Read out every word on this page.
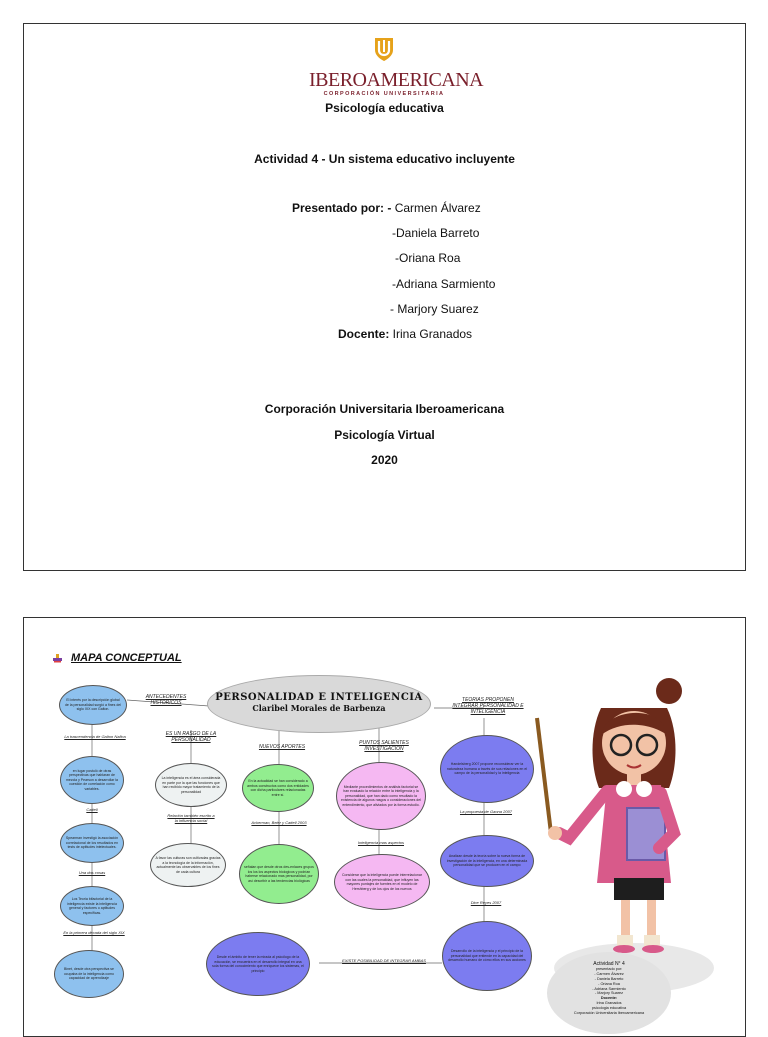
IBEROAMERICANA
CORPORACIÓN UNIVERSITARIA
Psicología educativa
Actividad 4 - Un sistema educativo incluyente
Presentado por: - Carmen Álvarez
-Daniela Barreto
-Oriana Roa
-Adriana Sarmiento
- Marjory Suarez
Docente: Irina Granados
Corporación Universitaria Iberoamericana
Psicología Virtual
2020
MAPA CONCEPTUAL
PERSONALIDAD E INTELIGENCIA
Claribel Morales de Barbenza
ANTECEDENTES HISTORICOS
ES UN RASGO DE LA PERSONALIDAD
NUEVOS APORTES
PUNTOS SALIENTES INVESTIGACION
TEORIAS PROPONEN INTEGRAR PERSONALIDAD E INTELIGENCIA
El interés por la descripción global de la personalidad surgió a fines del siglo XIX con Galton.
La trascendencia de Galton Nafica
en lugar postuló de otras perspectivas que hablaran de mezcla y Pearson a desarrollar la cuestión de correlación como variables.
Cattell
Spearman investigó la asociación correlacional de los resultados en tests de aptitudes intelectuales.
Una dos cosas
Los Teoria bifactorial de la inteligencia existe la inteligencia general y factores o aptitudes especificas.
En la primera década del siglo XIX
Binet, desde otra perspectiva se ocupaba de la inteligencia como capacidad de aprendizaje
La inteligencia es el área considerada en parte por la que las funciones que han recibido mayor tratamiento de la personalidad
Relación también escrito a la influencia social
A favor las culturas son cultivadas gracias a la tecnología de la información, actualmente las observables de los fines de cada cultura
En la actualidad se han considerado a ambos constructos como dos entidades con dicha particulares relacionadas entre sí.
Ackerman, Beier y Cattell 2003
señalan que desde otros des-enlaces grupos los los los aspectos biologicos y podrían haberse relacionado mas personalidad, por así describir a las tendencias biológicas
Mediante procedimientos de análisis factorial se han evaluado la relación entre la inteligencia y la personalidad, que han dado como resultado la existencia de algunos rasgos o consideraciones del entendimiento, que aliviados por la forma estudio.
Inteligencia mas aspectos
Considerar que la inteligencia puede interrelacionar con las cuales la personalidad, que influyen las mayores puntajes de fuentes en el modelo de Hershberg y de los ojos de los nuevos
Handelsberg 2007 propone reconsiderar ver la naturaleza humana a través de sus relaciones en el campo de la personalidad y la inteligencia
La propuesta de Gaona 2007
Analizan desde la teoría sobre la nueva forma de investigación de la inteligencia, en una determinada personalidad que se producen en el campo
Dice Reyes 2007
Desarrollo de la inteligencia y el principio de la personalidad que entiende en la capacidad del desarrollo humano de cómo ellos en sus acciones
EXISTE POSIBILIDAD DE INTEGRAR AMBAS
Desde el ámbito de tener la mirada al psicólogo de la educación, se encuentra en el desarrollo integral en una sola forma del conocimiento que enriquece los sistemas, el principio
Actividad N° 4
presentado por:
- Carmen Álvarez
- Daniela Barreto
- Oriana Roa
- Adriana Sarmiento
- Marjory Suarez
Docente:
Irina Granados
psicologia educativa
Corporación Universitaria Iberoamericana
